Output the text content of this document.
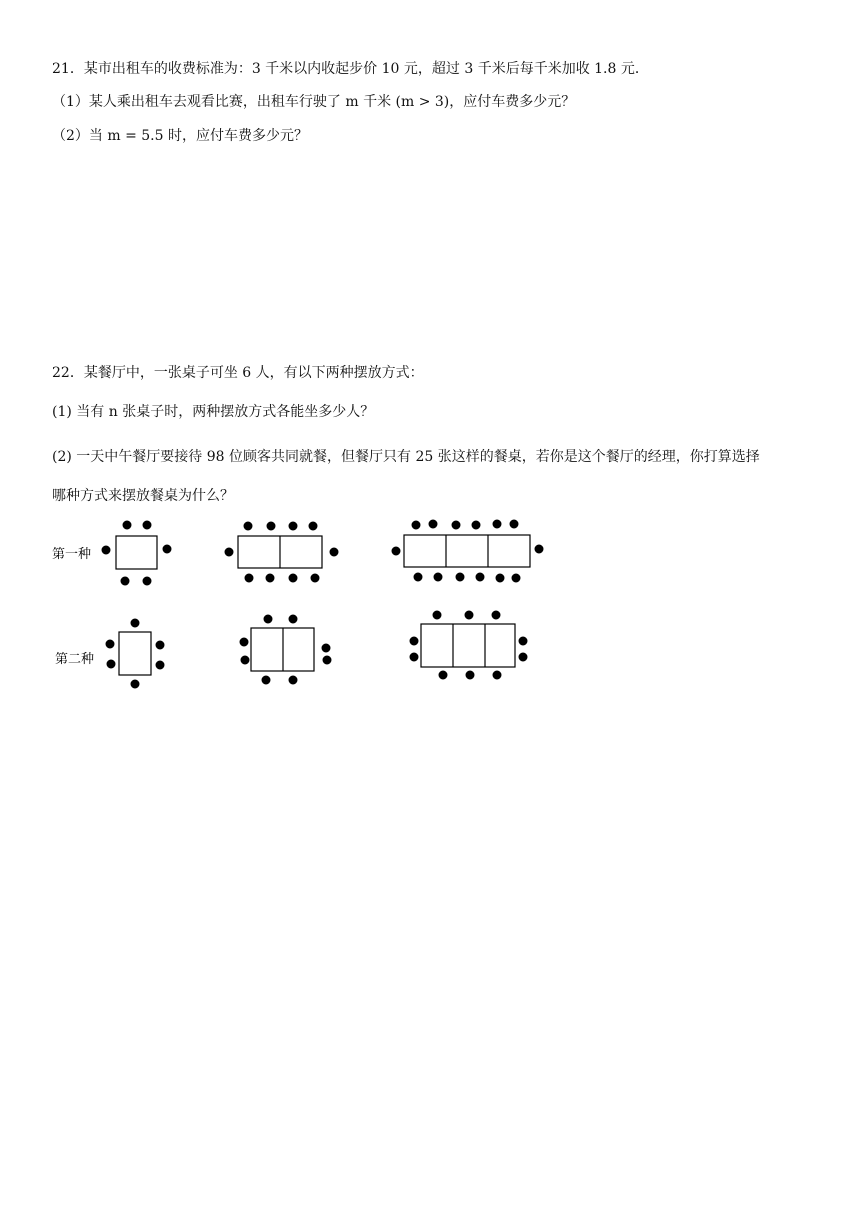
21．某市出租车的收费标准为：3 千米以内收起步价 10 元，超过 3 千米后每千米加收 1.8 元．
（1）某人乘出租车去观看比赛，出租车行驶了 m 千米 (m > 3)，应付车费多少元？
（2）当 m = 5.5 时，应付车费多少元？
22．某餐厅中，一张桌子可坐 6 人，有以下两种摆放方式：
(1) 当有 n 张桌子时，两种摆放方式各能坐多少人？
(2) 一天中午餐厅要接待 98 位顾客共同就餐，但餐厅只有 25 张这样的餐桌，若你是这个餐厅的经理，你打算选择
哪种方式来摆放餐桌为什么？
第一种
第二种
